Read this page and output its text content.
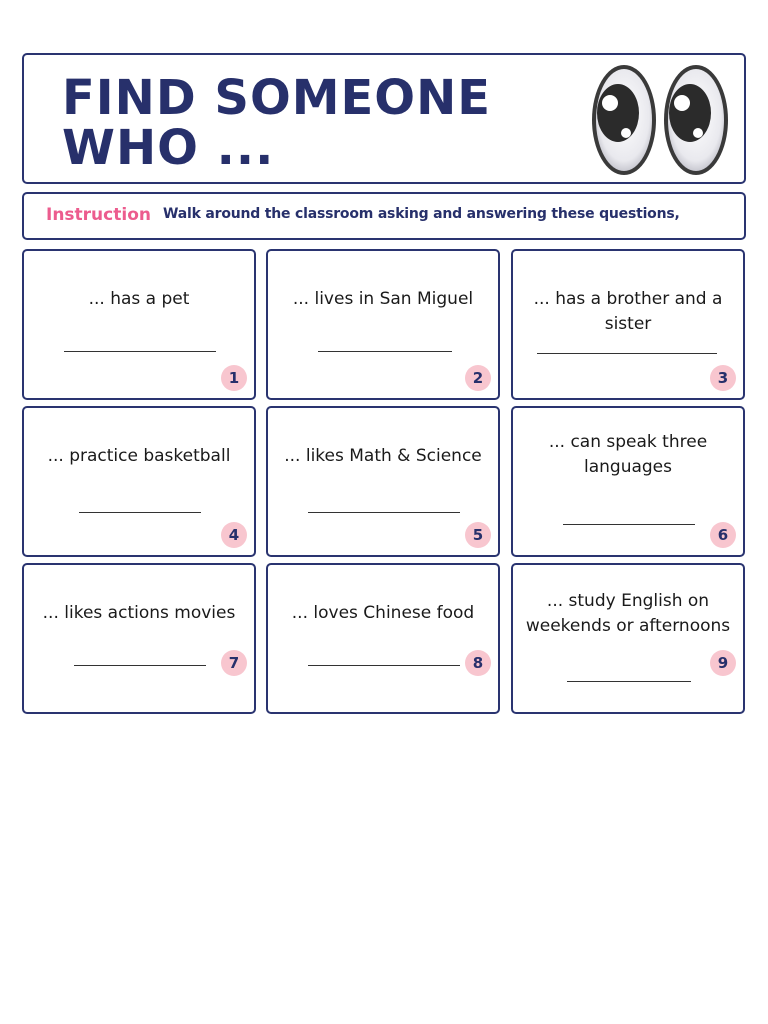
FIND SOMEONE
WHO ...
Instruction Walk around the classroom asking and answering these questions,
... has a pet
1
... lives in San Miguel
2
... has a brother and a sister
3
... practice basketball
4
... likes Math & Science
5
... can speak three languages
6
... likes actions movies
7
... loves Chinese food
8
... study English on weekends or afternoons
9
